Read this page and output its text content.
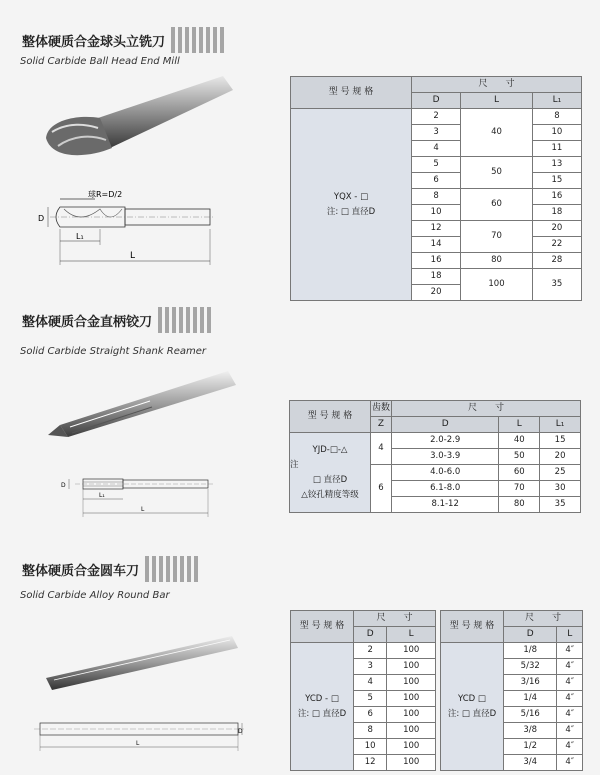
整体硬质合金球头立铣刀
Solid Carbide Ball Head End Mill
球R=D/2
D
L₁
L
型 号 规 格	尺　　寸		
	D	L	L₁

YQX - □
注: □ 直径D	2	40	8
	3		10
	4		11
	5	50	13
	6		15
	8	60	16
	10		18
	12	70	20
	14		22
	16	80	28
	18	100	35
	20		
整体硬质合金直柄铰刀
Solid Carbide Straight Shank Reamer
D
L₁
L
型 号 规 格	齿数	尺　　寸		
	Z	D	L	L₁

YJD-□-△
注
□ 直径D
△铰孔精度等级	4	2.0-2.9	40	15
		3.0-3.9	50	20
	6	4.0-6.0	60	25
		6.1-8.0	70	30
		8.1-12	80	35
整体硬质合金圆车刀
Solid Carbide Alloy Round Bar
D
L
型 号 规 格	尺　　寸	
	D	L

YCD - □
注: □ 直径D	2	100
	3	100
	4	100
	5	100
	6	100
	8	100
	10	100
	12	100
型 号 规 格	尺　　寸	
	D	L

YCD □
注: □ 直径D	1/8	4″
	5/32	4″
	3/16	4″
	1/4	4″
	5/16	4″
	3/8	4″
	1/2	4″
	3/4	4″
